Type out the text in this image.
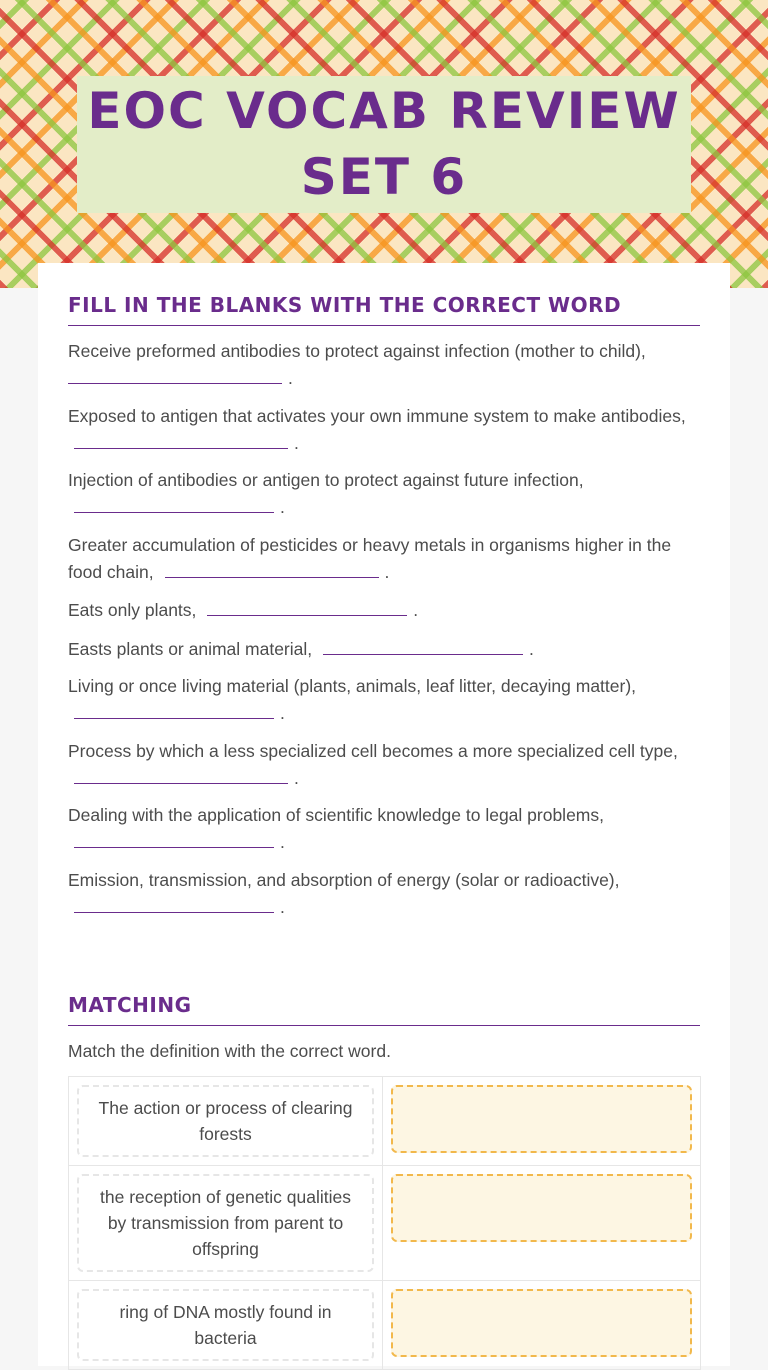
EOC VOCAB REVIEW
SET 6
FILL IN THE BLANKS WITH THE CORRECT WORD
Receive preformed antibodies to protect against infection (mother to child),
.
Exposed to antigen that activates your own immune system to make antibodies, .
Injection of antibodies or antigen to protect against future infection,
.
Greater accumulation of pesticides or heavy metals in organisms higher in the food chain,	.
Eats only plants,	.
Easts plants or animal material,	.
Living or once living material (plants, animals, leaf litter, decaying matter),
.
Process by which a less specialized cell becomes a more specialized cell type, .
Dealing with the application of scientific knowledge to legal problems,
.
Emission, transmission, and absorption of energy (solar or radioactive),
.
MATCHING
Match the definition with the correct word.
The action or process of clearing forests
the reception of genetic qualities by transmission from parent to offspring
ring of DNA mostly found in bacteria
